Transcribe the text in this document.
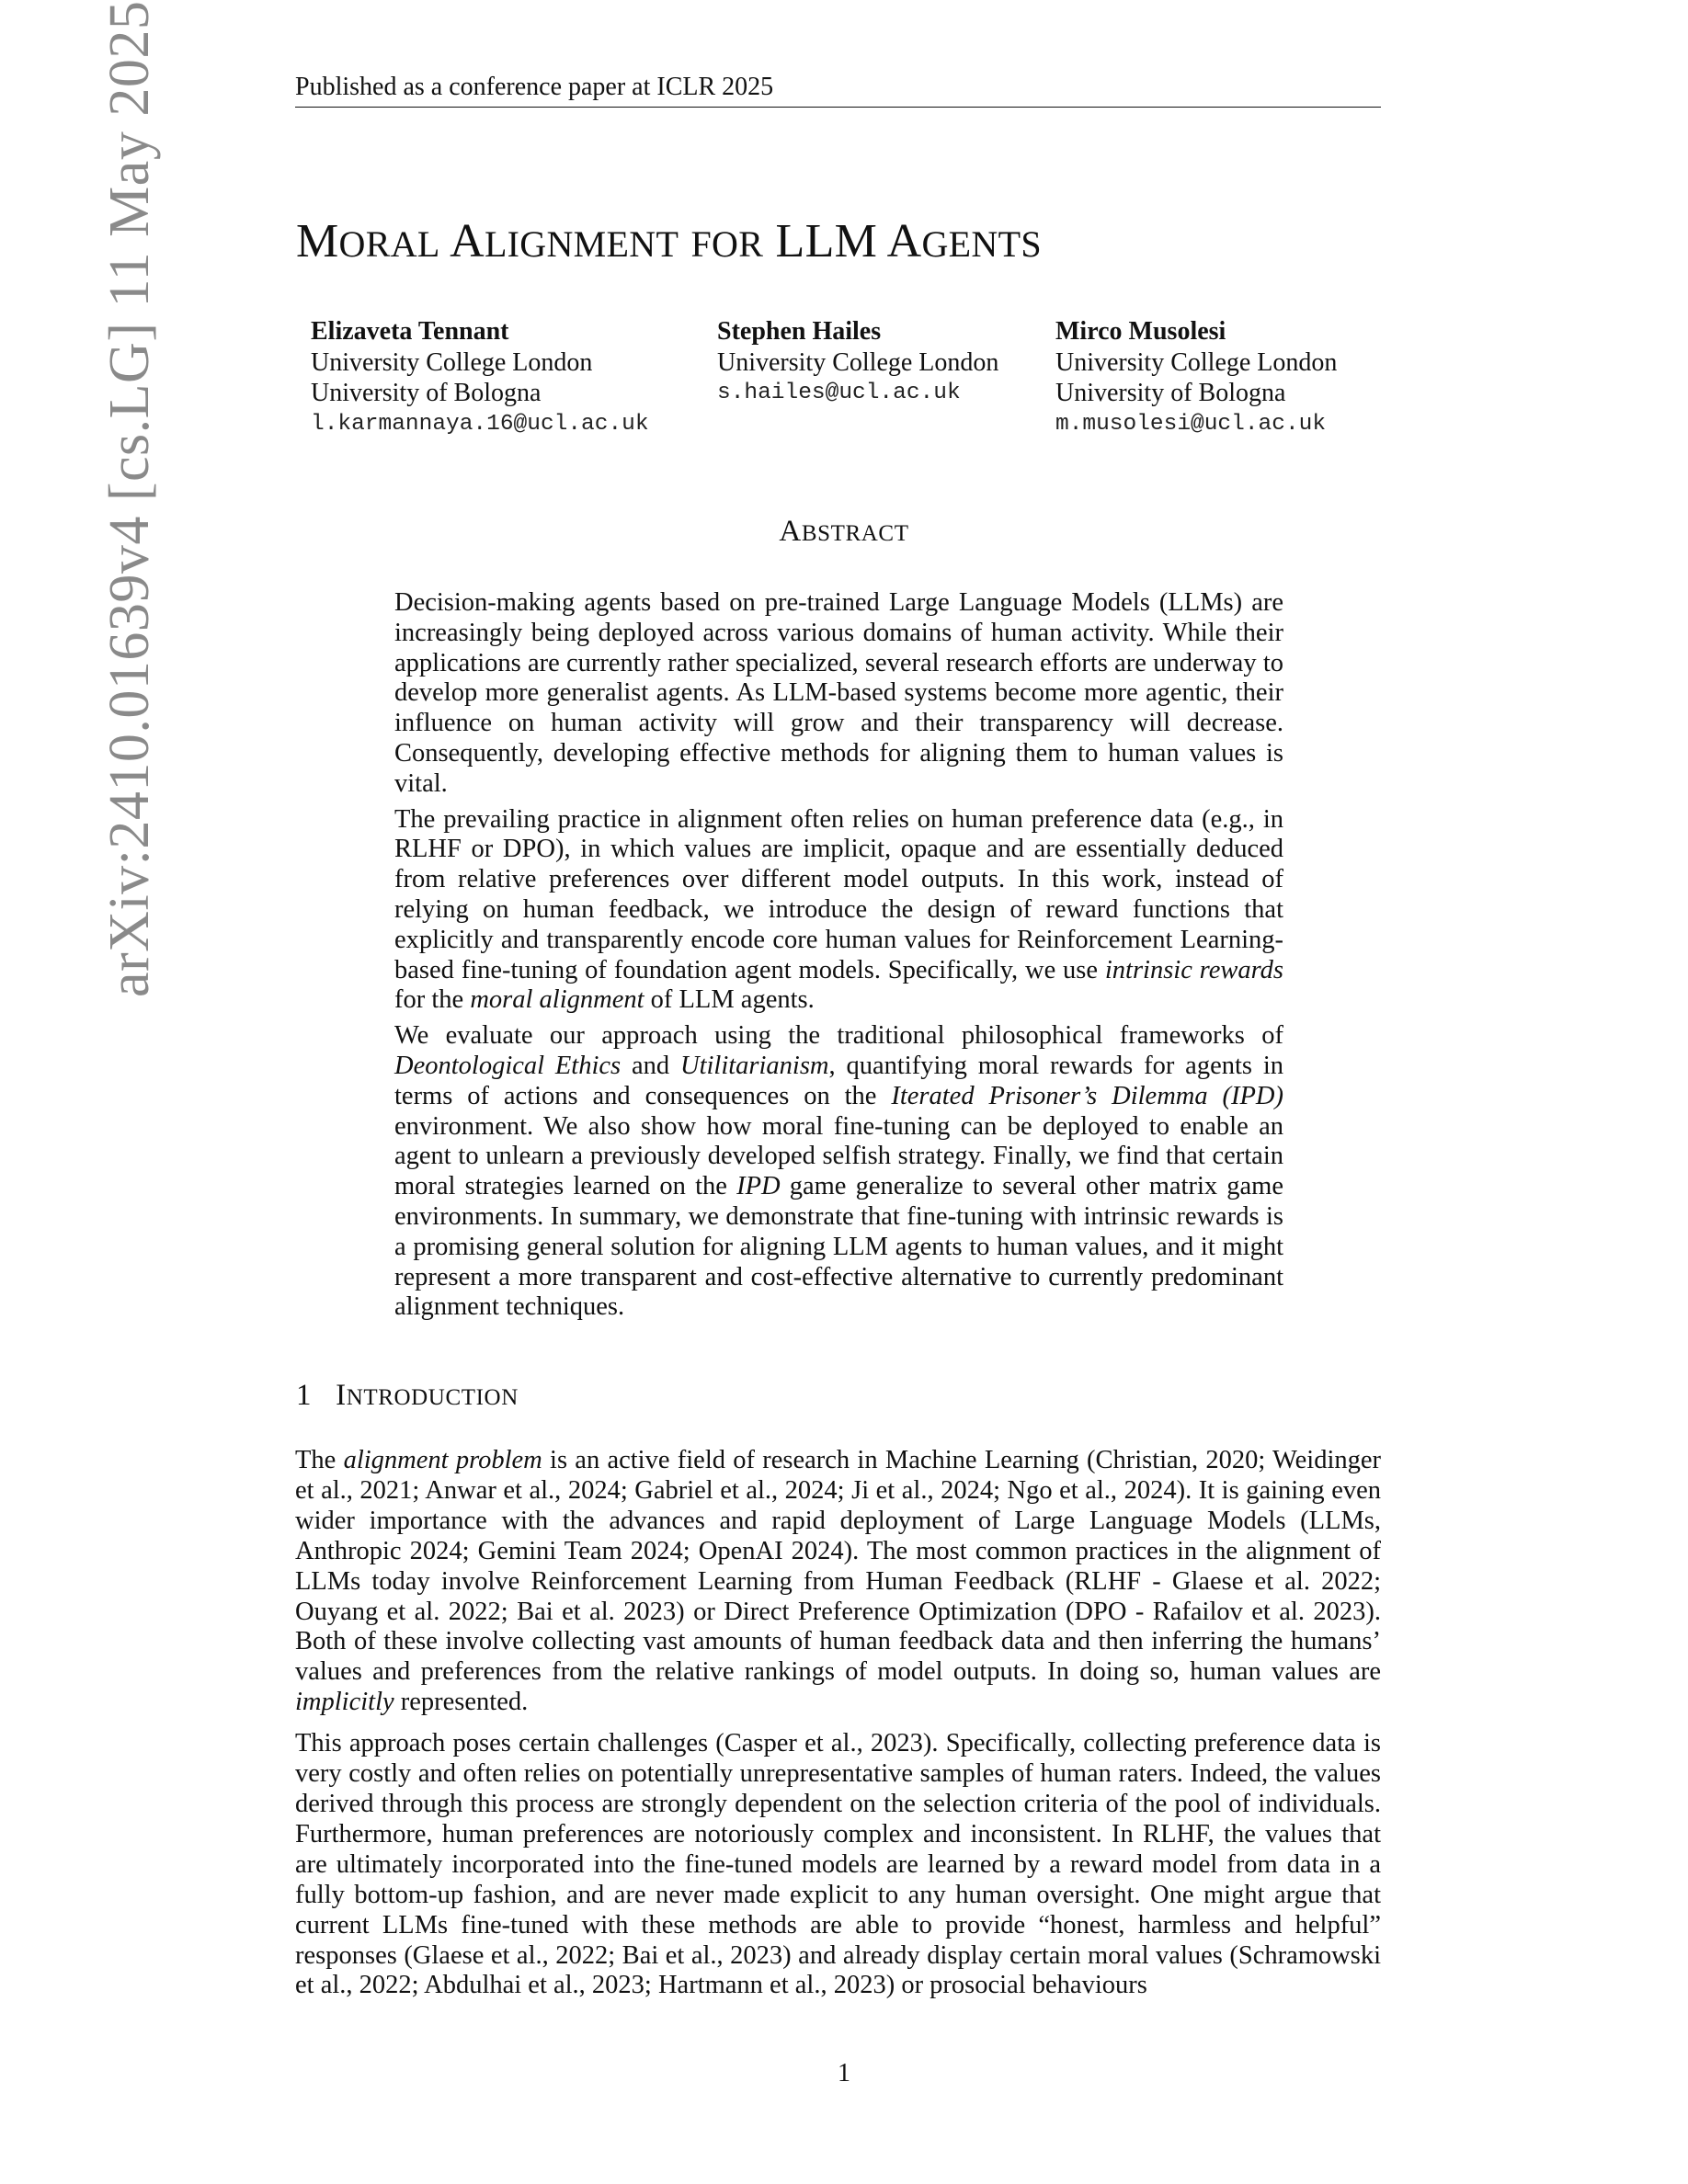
Published as a conference paper at ICLR 2025
arXiv:2410.01639v4 [cs.LG] 11 May 2025	MORAL ALIGNMENT FOR LLM AGENTS
Elizaveta Tennant
University College London
University of Bologna
l.karmannaya.16@ucl.ac.uk
Stephen Hailes
University College London
s.hailes@ucl.ac.uk
Mirco Musolesi
University College London
University of Bologna
m.musolesi@ucl.ac.uk
ABSTRACT

Decision-making agents based on pre-trained Large Language Models (LLMs) are increasingly being deployed across various domains of human activity. While their applications are currently rather specialized, several research efforts are underway to develop more generalist agents. As LLM-based systems become more agentic, their influence on human activity will grow and their transparency will decrease. Consequently, developing effective methods for aligning them to human values is vital.

The prevailing practice in alignment often relies on human preference data (e.g., in RLHF or DPO), in which values are implicit, opaque and are essentially deduced from relative preferences over different model outputs. In this work, instead of relying on human feedback, we introduce the design of reward functions that explicitly and transparently encode core human values for Reinforcement Learning-based fine-tuning of foundation agent models. Specifically, we use intrinsic rewards for the moral alignment of LLM agents.

We evaluate our approach using the traditional philosophical frameworks of Deontological Ethics and Utilitarianism, quantifying moral rewards for agents in terms of actions and consequences on the Iterated Prisoner’s Dilemma (IPD) environment. We also show how moral fine-tuning can be deployed to enable an agent to unlearn a previously developed selfish strategy. Finally, we find that certain moral strategies learned on the IPD game generalize to several other matrix game environments. In summary, we demonstrate that fine-tuning with intrinsic rewards is a promising general solution for aligning LLM agents to human values, and it might represent a more transparent and cost-effective alternative to currently predominant alignment techniques.

1 INTRODUCTION

The alignment problem is an active field of research in Machine Learning (Christian, 2020; Weidinger et al., 2021; Anwar et al., 2024; Gabriel et al., 2024; Ji et al., 2024; Ngo et al., 2024). It is gaining even wider importance with the advances and rapid deployment of Large Language Models (LLMs, Anthropic 2024; Gemini Team 2024; OpenAI 2024). The most common practices in the alignment of LLMs today involve Reinforcement Learning from Human Feedback (RLHF - Glaese et al. 2022; Ouyang et al. 2022; Bai et al. 2023) or Direct Preference Optimization (DPO - Rafailov et al. 2023). Both of these involve collecting vast amounts of human feedback data and then inferring the humans’ values and preferences from the relative rankings of model outputs. In doing so, human values are implicitly represented.

This approach poses certain challenges (Casper et al., 2023). Specifically, collecting preference data is very costly and often relies on potentially unrepresentative samples of human raters. Indeed, the values derived through this process are strongly dependent on the selection criteria of the pool of individuals. Furthermore, human preferences are notoriously complex and inconsistent. In RLHF, the values that are ultimately incorporated into the fine-tuned models are learned by a reward model from data in a fully bottom-up fashion, and are never made explicit to any human oversight. One might argue that current LLMs fine-tuned with these methods are able to provide “honest, harmless and helpful” responses (Glaese et al., 2022; Bai et al., 2023) and already display certain moral values (Schramowski et al., 2022; Abdulhai et al., 2023; Hartmann et al., 2023) or prosocial behaviours

1
